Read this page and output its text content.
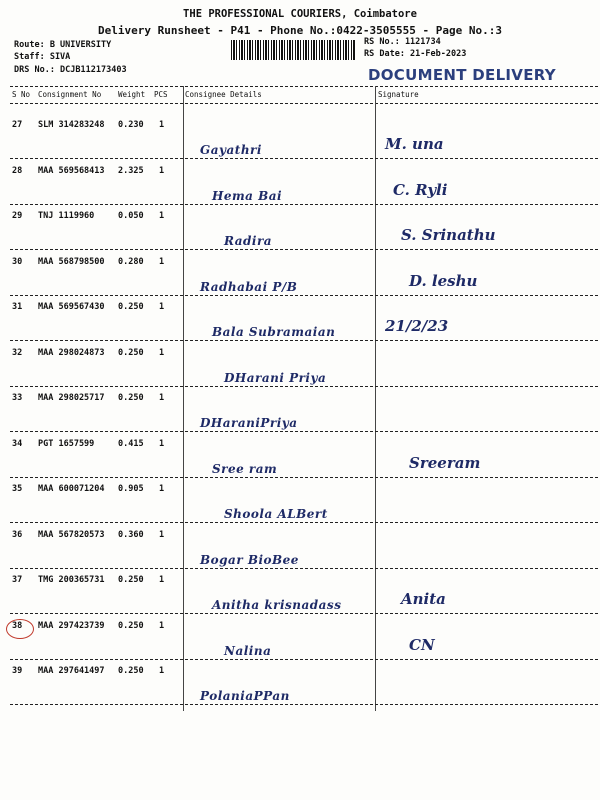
THE PROFESSIONAL COURIERS, Coimbatore
Delivery Runsheet - P41 - Phone No.:0422-3505555 - Page No.:3
Route: B UNIVERSITY
Staff: SIVA
DRS No.: DCJB112173403
RS No.: 1121734
RS Date: 21-Feb-2023
DOCUMENT DELIVERY
S No Consignment No Weight PCS Consignee Details	Signature
27 SLM 314283248 0.230 1
Gayathri	M. una
28 MAA 569568413 2.325 1
Hema Bai	C. Ryli
29 TNJ 1119960	0.050 1
Radira	S. Srinathu
30 MAA 568798500 0.280 1
Radhabai P/B	D. leshu
31 MAA 569567430 0.250 1
Bala Subramaian	21/2/23
32 MAA 298024873 0.250 1
DHarani Priya
33 MAA 298025717 0.250 1
DHaraniPriya
34 PGT 1657599	0.415 1
Sree ram	Sreeram
35 MAA 600071204 0.905 1
Shoola ALBert
36 MAA 567820573 0.360 1
Bogar BioBee
37 TMG 200365731 0.250 1
Anitha krisnadass	Anita
38 MAA 297423739 0.250 1
Nalina	CN
39 MAA 297641497 0.250 1
PolaniaPPan
